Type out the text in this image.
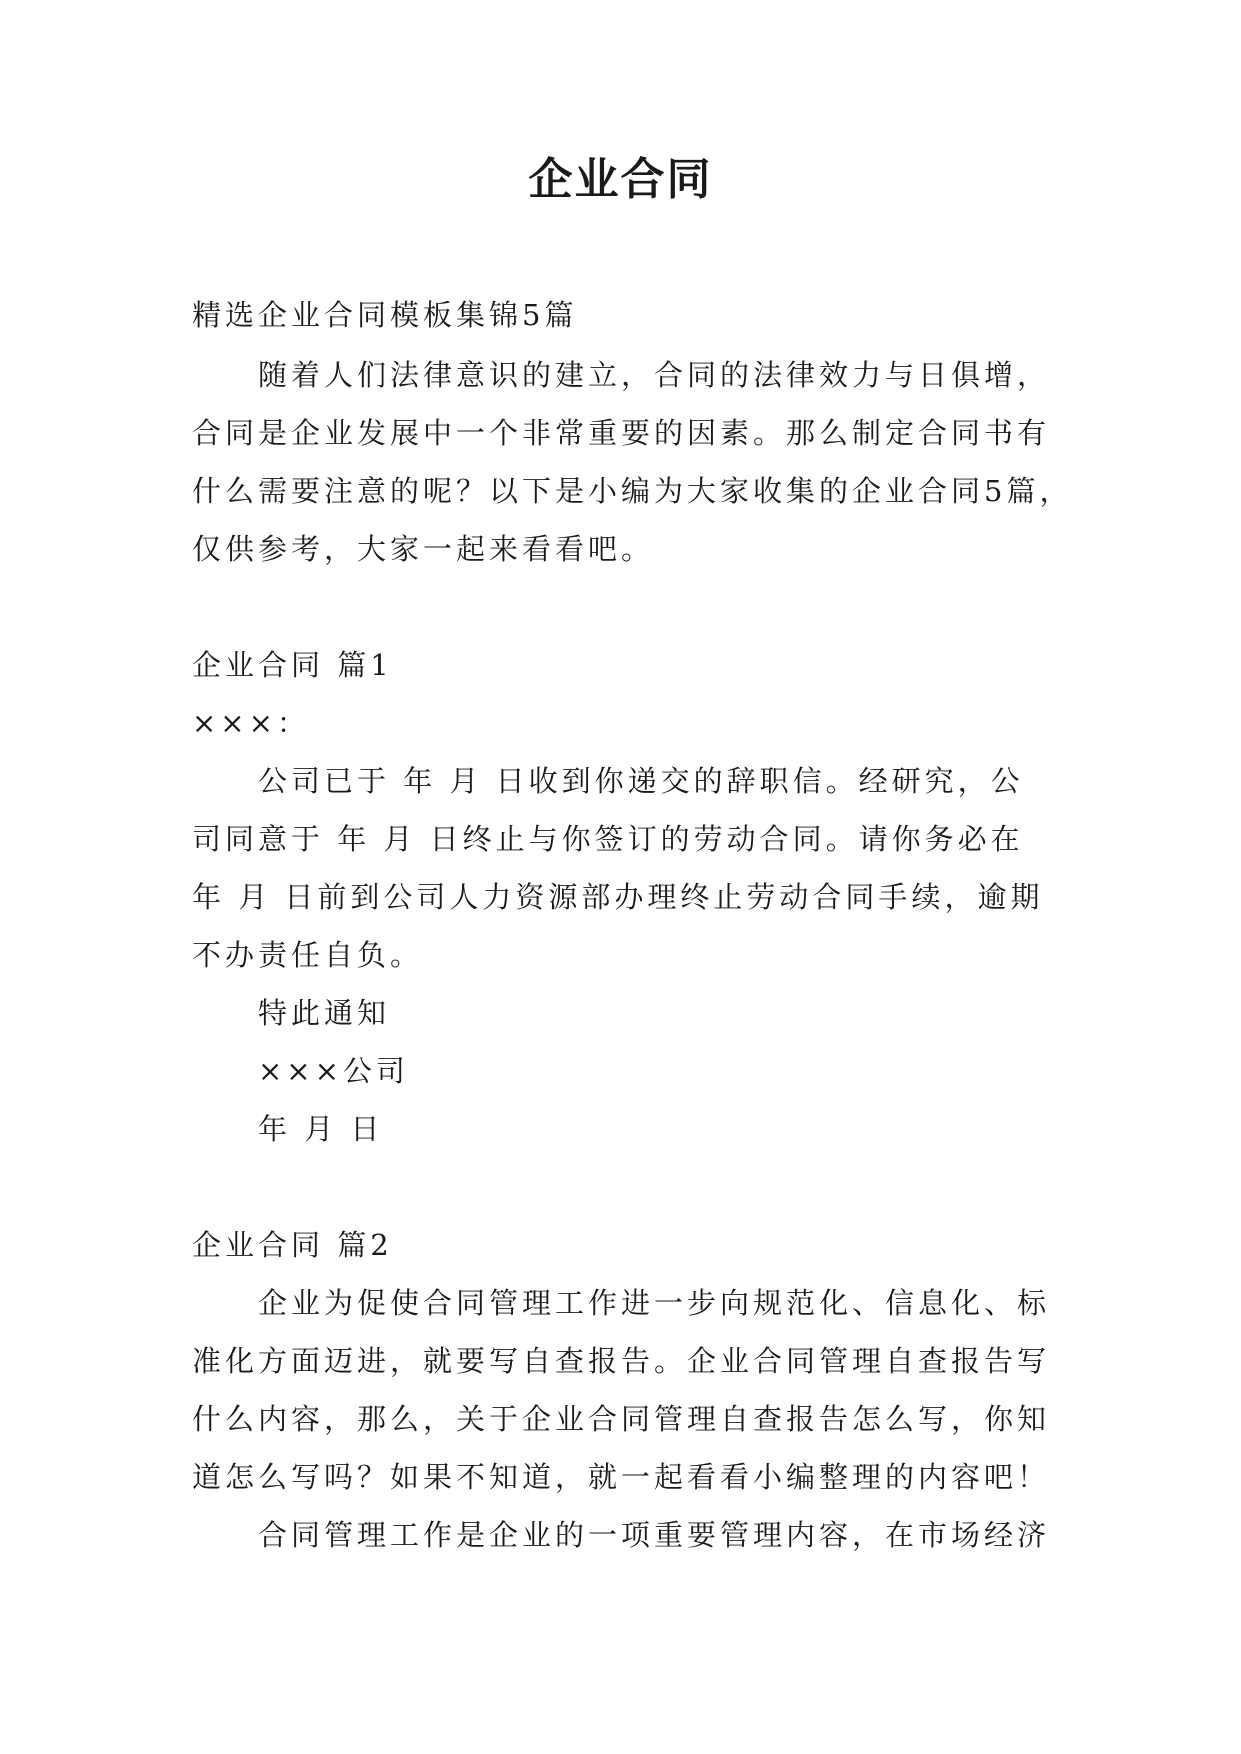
企业合同
精选企业合同模板集锦5篇
随着人们法律意识的建立，合同的法律效力与日俱增，
合同是企业发展中一个非常重要的因素。那么制定合同书有
什么需要注意的呢？以下是小编为大家收集的企业合同5篇，
仅供参考，大家一起来看看吧。
企业合同 篇1
×××：
公司已于 年 月 日收到你递交的辞职信。经研究，公
司同意于 年 月 日终止与你签订的劳动合同。请你务必在
年 月 日前到公司人力资源部办理终止劳动合同手续，逾期
不办责任自负。
特此通知
×××公司
年 月 日
企业合同 篇2
企业为促使合同管理工作进一步向规范化、信息化、标
准化方面迈进，就要写自查报告。企业合同管理自查报告写
什么内容，那么，关于企业合同管理自查报告怎么写，你知
道怎么写吗？如果不知道，就一起看看小编整理的内容吧！
合同管理工作是企业的一项重要管理内容，在市场经济
